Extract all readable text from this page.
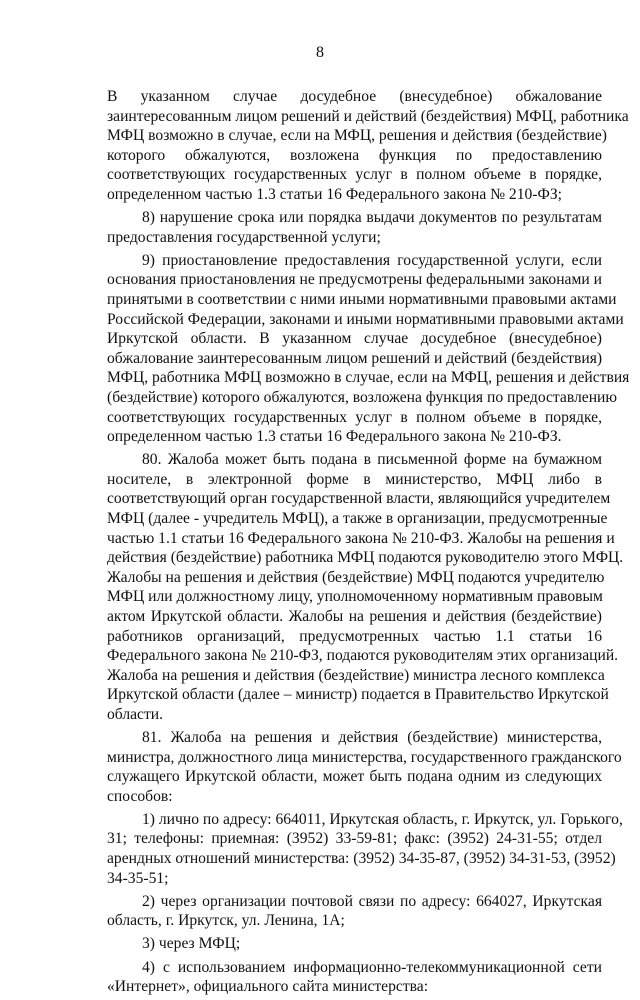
8
В указанном случае досудебное (внесудебное) обжалование
заинтересованным лицом решений и действий (бездействия) МФЦ, работника
МФЦ возможно в случае, если на МФЦ, решения и действия (бездействие)
которого обжалуются, возложена функция по предоставлению
соответствующих государственных услуг в полном объеме в порядке,
определенном частью 1.3 статьи 16 Федерального закона № 210-ФЗ;
8) нарушение срока или порядка выдачи документов по результатам
предоставления государственной услуги;
9) приостановление предоставления государственной услуги, если
основания приостановления не предусмотрены федеральными законами и
принятыми в соответствии с ними иными нормативными правовыми актами
Российской Федерации, законами и иными нормативными правовыми актами
Иркутской области. В указанном случае досудебное (внесудебное)
обжалование заинтересованным лицом решений и действий (бездействия)
МФЦ, работника МФЦ возможно в случае, если на МФЦ, решения и действия
(бездействие) которого обжалуются, возложена функция по предоставлению
соответствующих государственных услуг в полном объеме в порядке,
определенном частью 1.3 статьи 16 Федерального закона № 210-ФЗ.
80. Жалоба может быть подана в письменной форме на бумажном
носителе, в электронной форме в министерство, МФЦ либо в
соответствующий орган государственной власти, являющийся учредителем
МФЦ (далее - учредитель МФЦ), а также в организации, предусмотренные
частью 1.1 статьи 16 Федерального закона № 210-ФЗ. Жалобы на решения и
действия (бездействие) работника МФЦ подаются руководителю этого МФЦ.
Жалобы на решения и действия (бездействие) МФЦ подаются учредителю
МФЦ или должностному лицу, уполномоченному нормативным правовым
актом Иркутской области. Жалобы на решения и действия (бездействие)
работников организаций, предусмотренных частью 1.1 статьи 16
Федерального закона № 210-ФЗ, подаются руководителям этих организаций.
Жалоба на решения и действия (бездействие) министра лесного комплекса
Иркутской области (далее – министр) подается в Правительство Иркутской
области.
81. Жалоба на решения и действия (бездействие) министерства,
министра, должностного лица министерства, государственного гражданского
служащего Иркутской области, может быть подана одним из следующих
способов:
1) лично по адресу: 664011, Иркутская область, г. Иркутск, ул. Горького,
31; телефоны: приемная: (3952) 33-59-81; факс: (3952) 24-31-55; отдел
арендных отношений министерства: (3952) 34-35-87, (3952) 34-31-53, (3952)
34-35-51;
2) через организации почтовой связи по адресу: 664027, Иркутская
область, г. Иркутск, ул. Ленина, 1А;
3) через МФЦ;
4) с использованием информационно-телекоммуникационной сети
«Интернет», официального сайта министерства:
